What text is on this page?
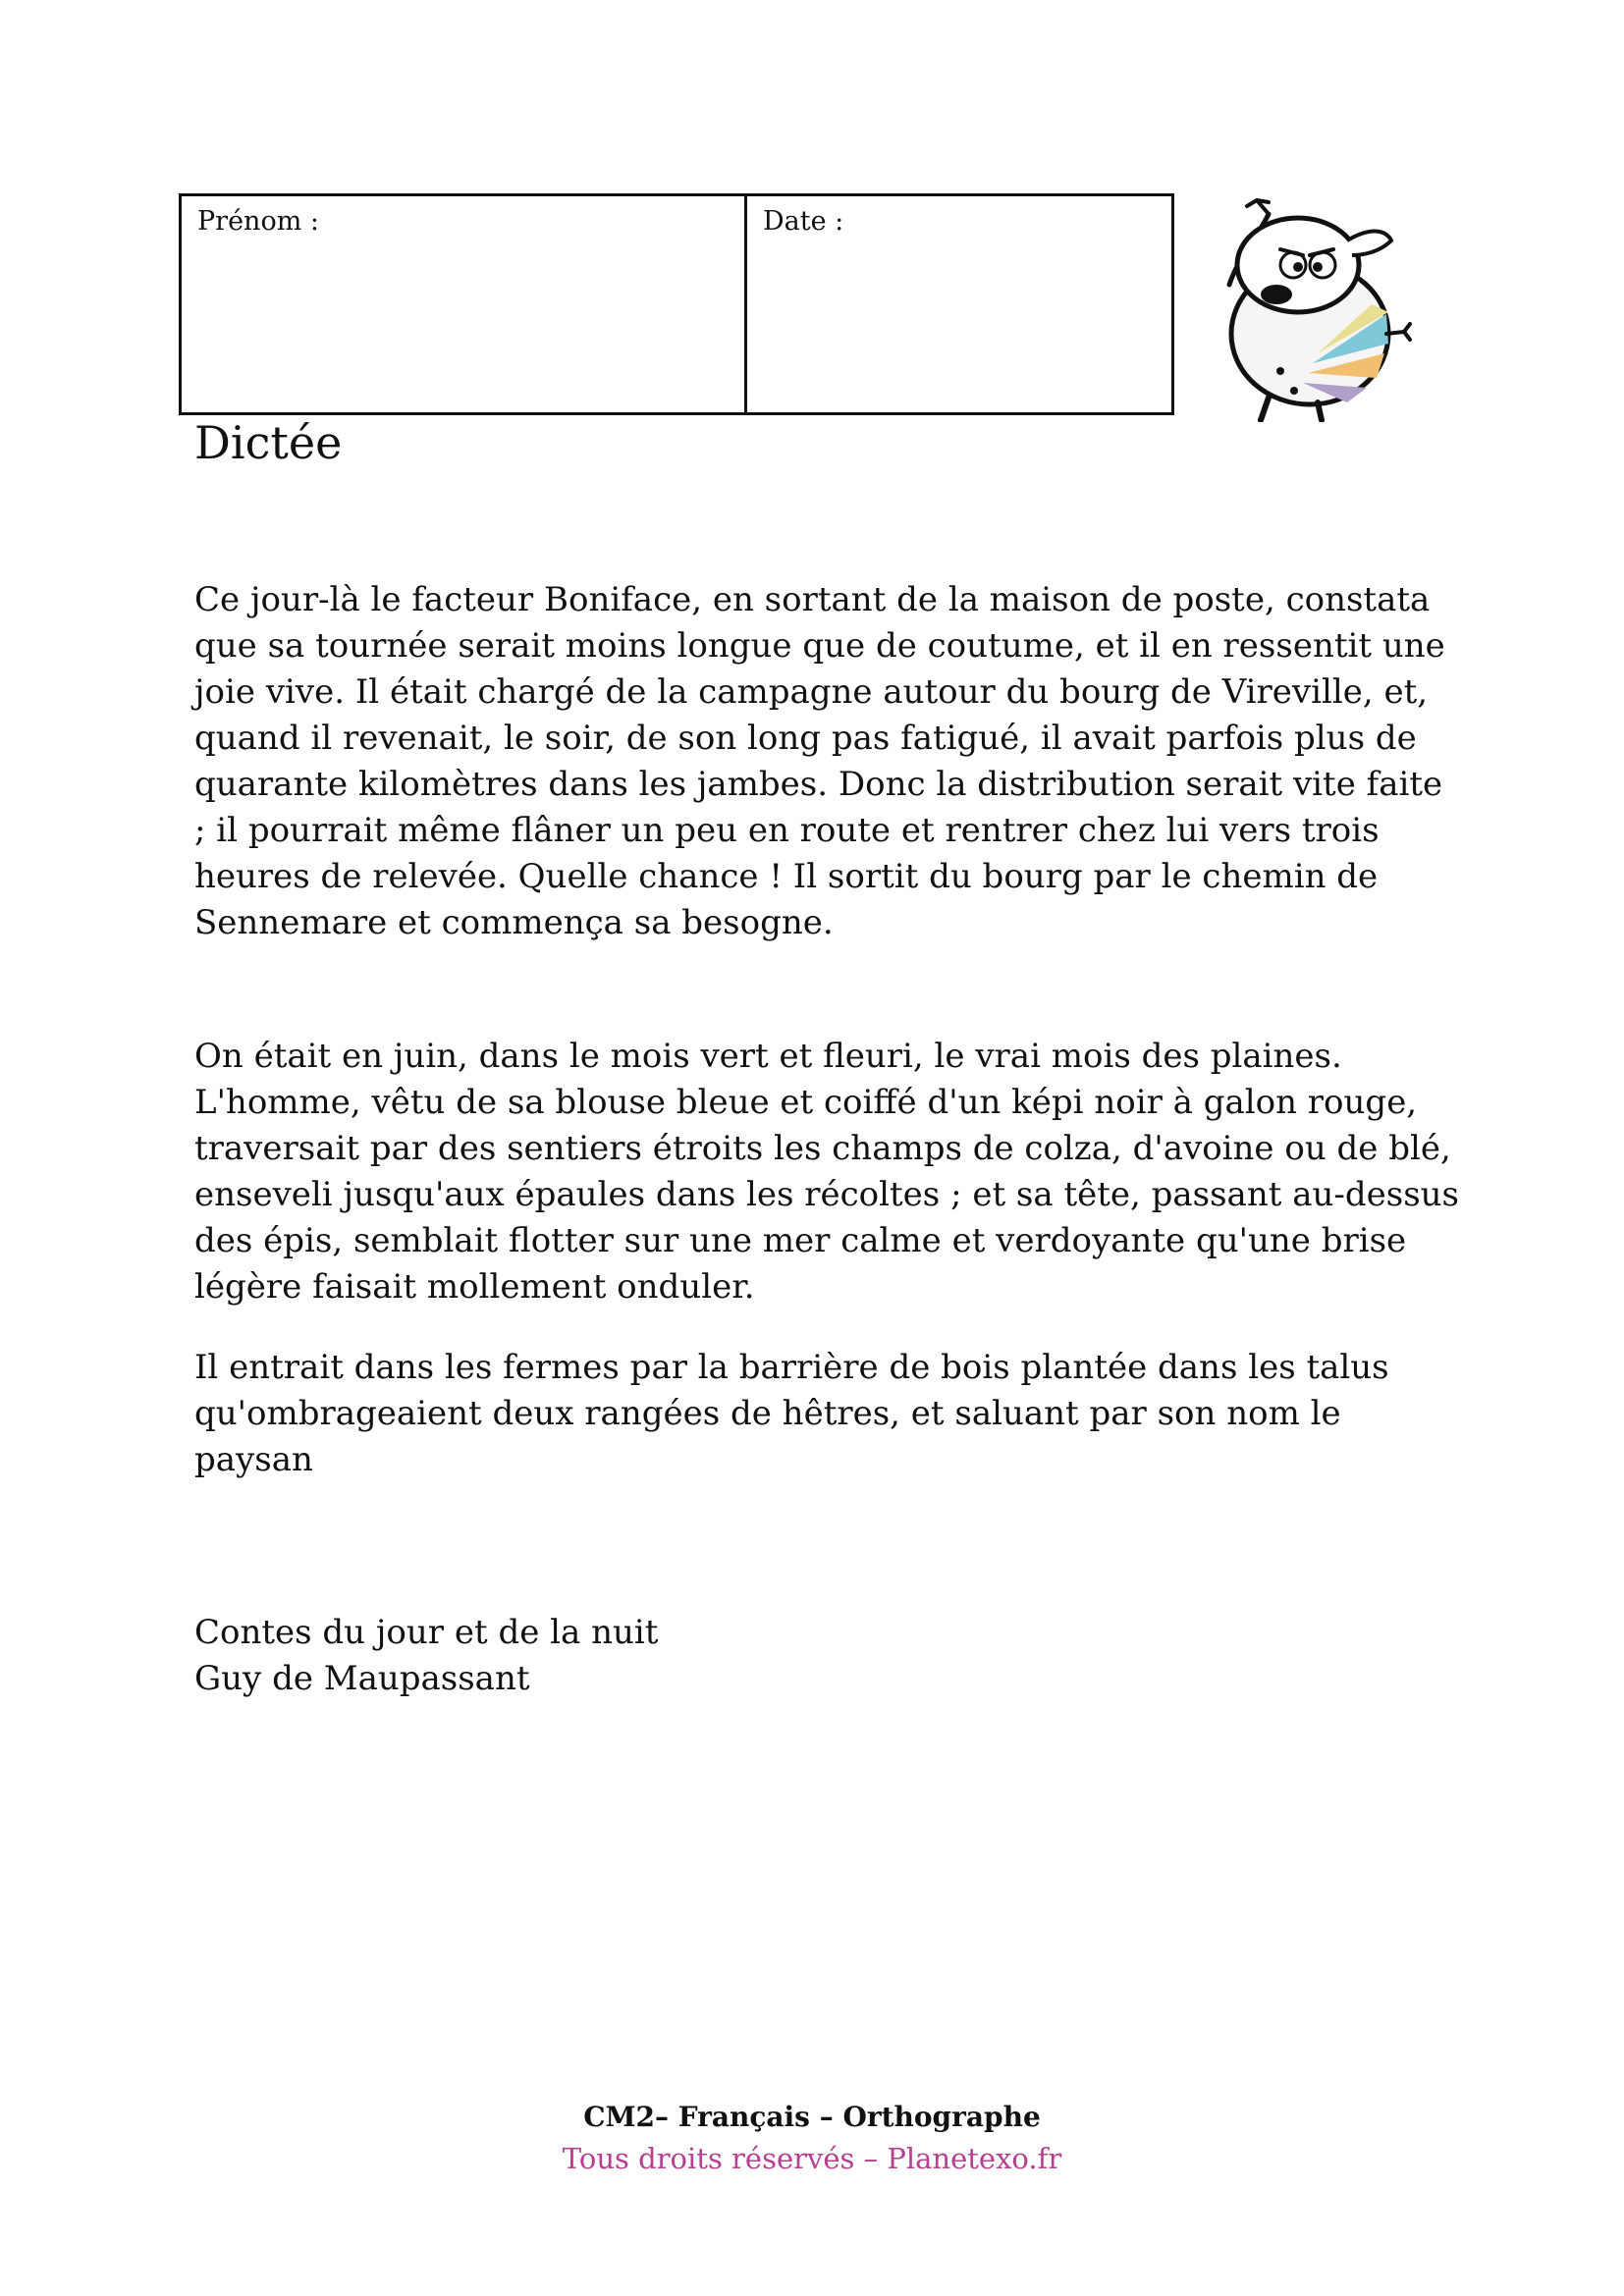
Prénom :	Date :
Dictée

Ce jour-là le facteur Boniface, en sortant de la maison de poste, constata que sa tournée serait moins longue que de coutume, et il en ressentit une joie vive. Il était chargé de la campagne autour du bourg de Vireville, et, quand il revenait, le soir, de son long pas fatigué, il avait parfois plus de quarante kilomètres dans les jambes. Donc la distribution serait vite faite ; il pourrait même flâner un peu en route et rentrer chez lui vers trois heures de relevée. Quelle chance ! Il sortit du bourg par le chemin de Sennemare et commença sa besogne.

On était en juin, dans le mois vert et fleuri, le vrai mois des plaines. L'homme, vêtu de sa blouse bleue et coiffé d'un képi noir à galon rouge, traversait par des sentiers étroits les champs de colza, d'avoine ou de blé, enseveli jusqu'aux épaules dans les récoltes ; et sa tête, passant au-dessus des épis, semblait flotter sur une mer calme et verdoyante qu'une brise légère faisait mollement onduler.

Il entrait dans les fermes par la barrière de bois plantée dans les talus qu'ombrageaient deux rangées de hêtres, et saluant par son nom le paysan

Contes du jour et de la nuit
Guy de Maupassant
CM2– Français – Orthographe
Tous droits réservés – Planetexo.fr
